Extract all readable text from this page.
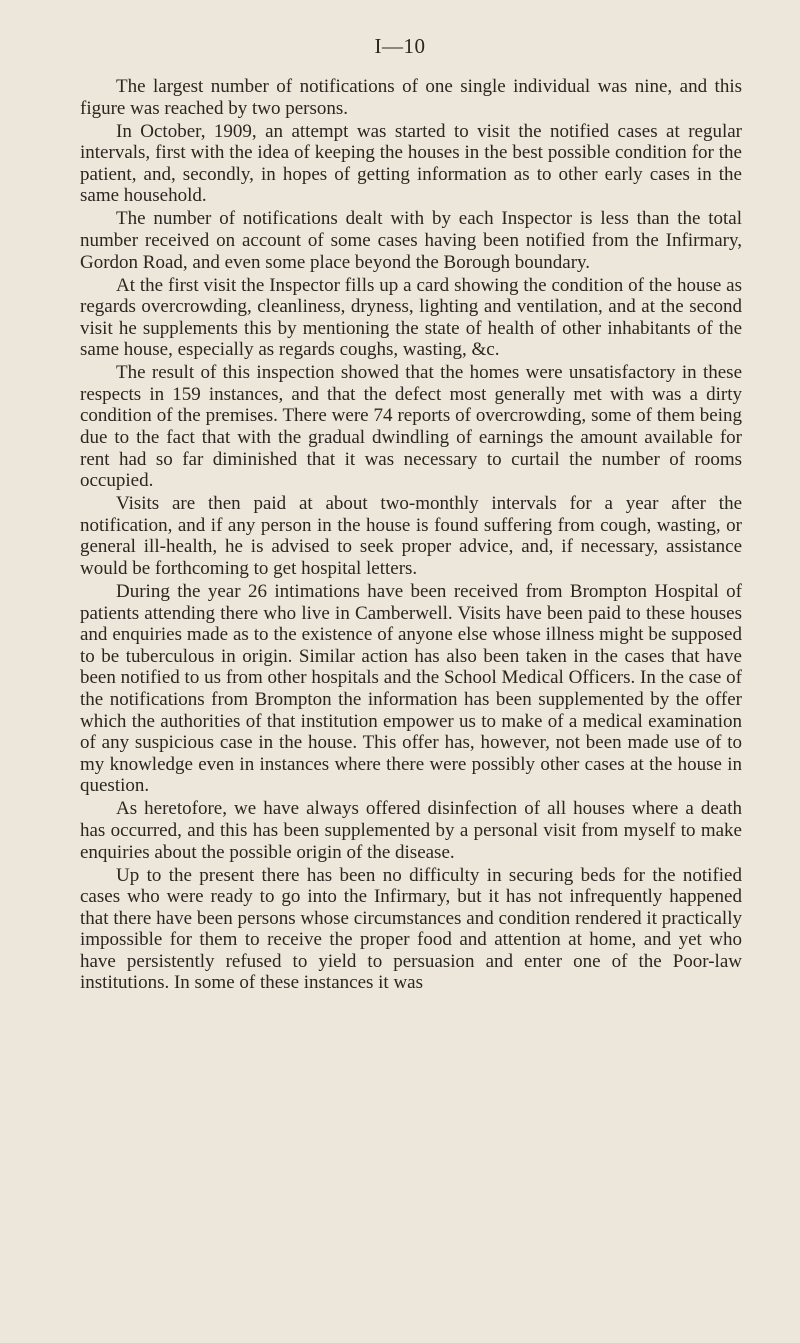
I—10

The largest number of notifications of one single individual was nine, and this figure was reached by two persons.

In October, 1909, an attempt was started to visit the notified cases at regular intervals, first with the idea of keeping the houses in the best possible condition for the patient, and, secondly, in hopes of getting information as to other early cases in the same household.

The number of notifications dealt with by each Inspector is less than the total number received on account of some cases having been notified from the Infirmary, Gordon Road, and even some place beyond the Borough boundary.

At the first visit the Inspector fills up a card showing the condition of the house as regards overcrowding, cleanliness, dryness, lighting and ventilation, and at the second visit he supplements this by mentioning the state of health of other inhabitants of the same house, especially as regards coughs, wasting, &c.

The result of this inspection showed that the homes were unsatisfactory in these respects in 159 instances, and that the defect most generally met with was a dirty condition of the premises. There were 74 reports of overcrowding, some of them being due to the fact that with the gradual dwindling of earnings the amount available for rent had so far diminished that it was necessary to curtail the number of rooms occupied.

Visits are then paid at about two-monthly intervals for a year after the notification, and if any person in the house is found suffering from cough, wasting, or general ill-health, he is advised to seek proper advice, and, if necessary, assistance would be forthcoming to get hospital letters.

During the year 26 intimations have been received from Brompton Hospital of patients attending there who live in Camberwell. Visits have been paid to these houses and enquiries made as to the existence of anyone else whose illness might be supposed to be tuberculous in origin. Similar action has also been taken in the cases that have been notified to us from other hospitals and the School Medical Officers. In the case of the notifications from Brompton the information has been supplemented by the offer which the authorities of that institution empower us to make of a medical examination of any suspicious case in the house. This offer has, however, not been made use of to my knowledge even in instances where there were possibly other cases at the house in question.

As heretofore, we have always offered disinfection of all houses where a death has occurred, and this has been supplemented by a personal visit from myself to make enquiries about the possible origin of the disease.

Up to the present there has been no difficulty in securing beds for the notified cases who were ready to go into the Infirmary, but it has not infrequently happened that there have been persons whose circumstances and condition rendered it practically impossible for them to receive the proper food and attention at home, and yet who have persistently refused to yield to persuasion and enter one of the Poor-law institutions. In some of these instances it was
